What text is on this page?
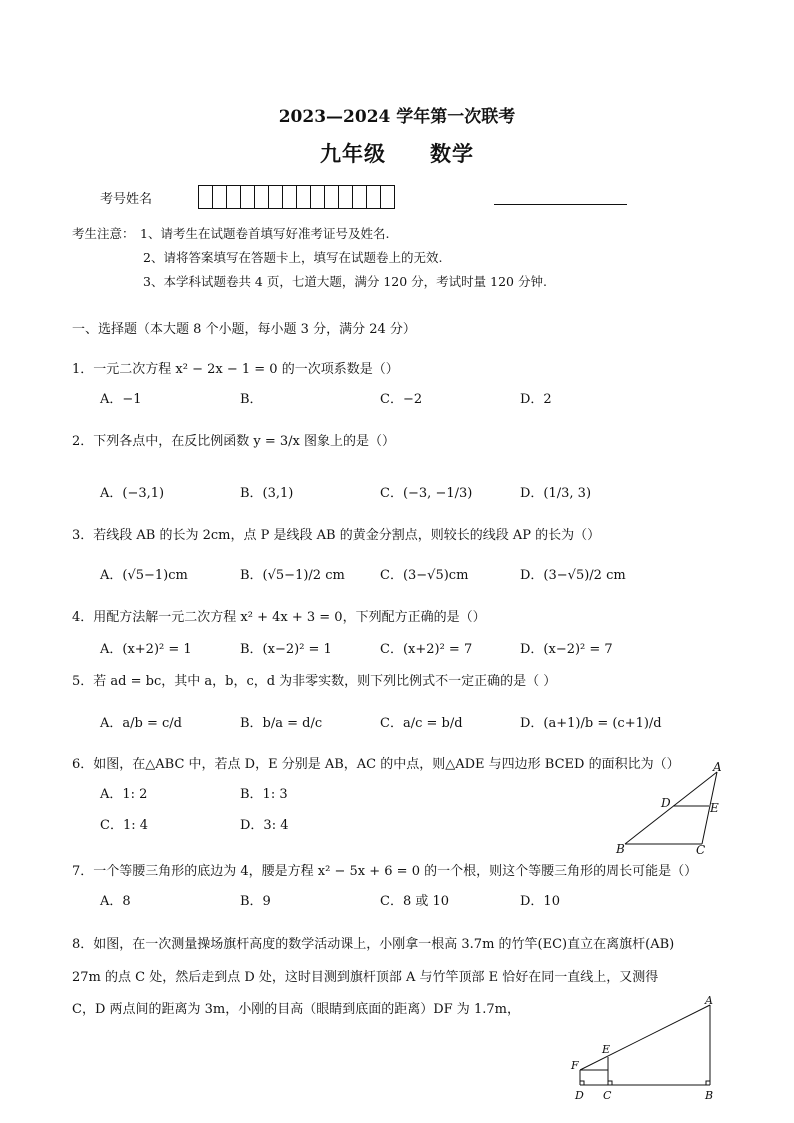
2023—2024 学年第一次联考
九年级　　数学
考号姓名
考生注意： 1、请考生在试题卷首填写好准考证号及姓名.
2、请将答案填写在答题卡上，填写在试题卷上的无效.
3、本学科试题卷共 4 页，七道大题，满分 120 分，考试时量 120 分钟.
一、选择题（本大题 8 个小题，每小题 3 分，满分 24 分）
1．一元二次方程 x² − 2x − 1 = 0 的一次项系数是（）
A．−1	B．	C．−2	D．2
2．下列各点中，在反比例函数 y = 3/x 图象上的是（）
A．(−3,1)	B．(3,1)	C．(−3, −1/3)	D．(1/3, 3)
3．若线段 AB 的长为 2cm，点 P 是线段 AB 的黄金分割点，则较长的线段 AP 的长为（）
A．(√5−1)cm	B．(√5−1)/2 cm	C．(3−√5)cm	D．(3−√5)/2 cm
4．用配方法解一元二次方程 x² + 4x + 3 = 0，下列配方正确的是（）
A．(x+2)² = 1	B．(x−2)² = 1	C．(x+2)² = 7	D．(x−2)² = 7
5．若 ad = bc，其中 a，b，c，d 为非零实数，则下列比例式不一定正确的是（ ）
A．a/b = c/d	B．b/a = d/c	C．a/c = b/d	D．(a+1)/b = (c+1)/d
6．如图，在△ABC 中，若点 D，E 分别是 AB，AC 的中点，则△ADE 与四边形 BCED 的面积比为（）
A．1: 2	B．1: 3
C．1: 4	D．3: 4
A
D	E
B	C
7．一个等腰三角形的底边为 4，腰是方程 x² − 5x + 6 = 0 的一个根，则这个等腰三角形的周长可能是（）
A．8	B．9	C．8 或 10	D．10
8．如图，在一次测量操场旗杆高度的数学活动课上，小刚拿一根高 3.7m 的竹竿(EC)直立在离旗杆(AB)
27m 的点 C 处，然后走到点 D 处，这时目测到旗杆顶部 A 与竹竿顶部 E 恰好在同一直线上，又测得
C，D 两点间的距离为 3m，小刚的目高（眼睛到底面的距离）DF 为 1.7m，
A
E
F
D C	B
